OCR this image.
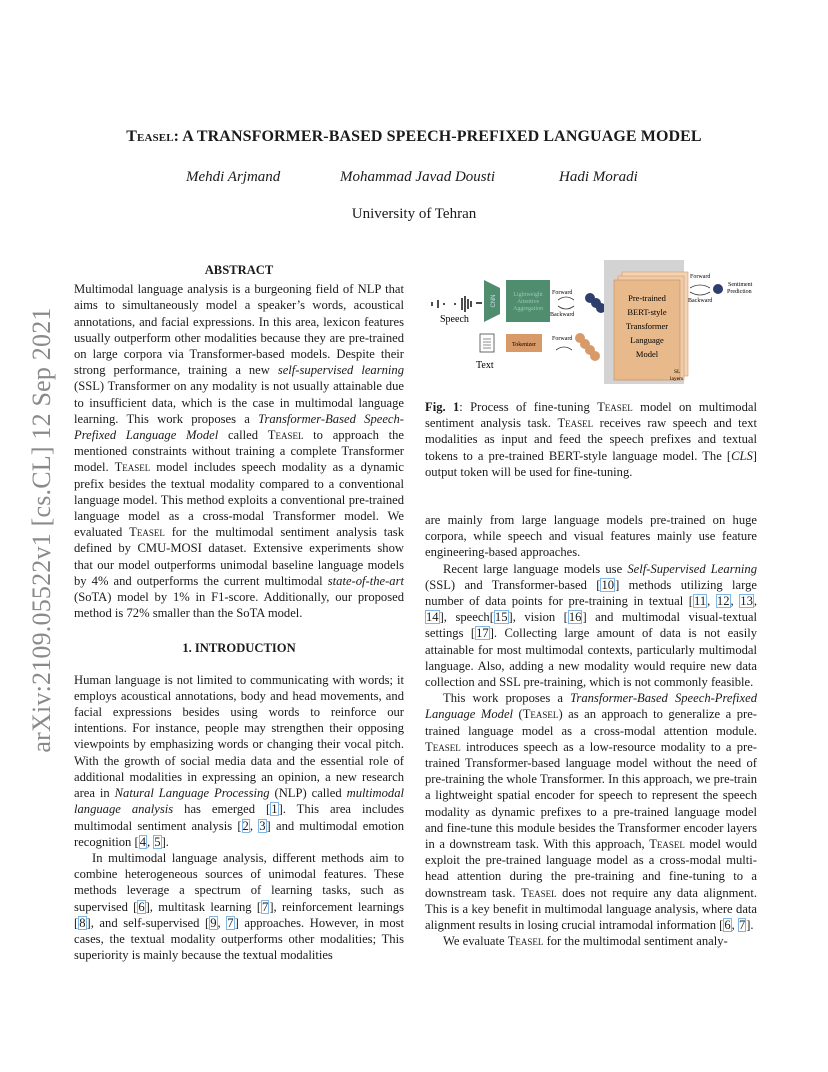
arXiv:2109.05522v1 [cs.CL] 12 Sep 2021
Teasel: A TRANSFORMER-BASED SPEECH-PREFIXED LANGUAGE MODEL
Mehdi Arjmand	Mohammad Javad Dousti	Hadi Moradi
University of Tehran
ABSTRACT

Multimodal language analysis is a burgeoning field of NLP that aims to simultaneously model a speaker’s words, acoustical annotations, and facial expressions. In this area, lexicon features usually outperform other modalities because they are pre-trained on large corpora via Transformer-based models. Despite their strong performance, training a new self-supervised learning (SSL) Transformer on any modality is not usually attainable due to insufficient data, which is the case in multimodal language learning. This work proposes a Transformer-Based Speech-Prefixed Language Model called Teasel to approach the mentioned constraints without training a complete Transformer model. Teasel model includes speech modality as a dynamic prefix besides the textual modality compared to a conventional language model. This method exploits a conventional pre-trained language model as a cross-modal Transformer model. We evaluated Teasel for the multimodal sentiment analysis task defined by CMU-MOSI dataset. Extensive experiments show that our model outperforms unimodal baseline language models by 4% and outperforms the current multimodal state-of-the-art (SoTA) model by 1% in F1-score. Additionally, our proposed method is 72% smaller than the SoTA model.

1. INTRODUCTION

Human language is not limited to communicating with words; it employs acoustical annotations, body and head movements, and facial expressions besides using words to reinforce our intentions. For instance, people may strengthen their opposing viewpoints by emphasizing words or changing their vocal pitch. With the growth of social media data and the essential role of additional modalities in expressing an opinion, a new research area in Natural Language Processing (NLP) called multimodal language analysis has emerged [1]. This area includes multimodal sentiment analysis [2, 3] and multimodal emotion recognition [4, 5].

In multimodal language analysis, different methods aim to combine heterogeneous sources of unimodal features. These methods leverage a spectrum of learning tasks, such as supervised [6], multitask learning [7], reinforcement learnings [8], and self-supervised [9, 7] approaches. However, in most cases, the textual modality outperforms other modalities; This superiority is mainly because the textual modalities

Speech
CNN	Lightweight
Attentive
Aggregation
Forward
Backward
Text
Tokenizer
Forward
Pre-trained
BERT-style
Transformer
Language
Model
SL
layers
Forward
Backward
Sentiment
Prediction
Fig. 1: Process of fine-tuning Teasel model on multimodal sentiment analysis task. Teasel receives raw speech and text modalities as input and feed the speech prefixes and textual tokens to a pre-trained BERT-style language model. The [CLS] output token will be used for fine-tuning.

are mainly from large language models pre-trained on huge corpora, while speech and visual features mainly use feature engineering-based approaches.

Recent large language models use Self-Supervised Learning (SSL) and Transformer-based [10] methods utilizing large number of data points for pre-training in textual [11, 12, 13, 14], speech[15], vision [16] and multimodal visual-textual settings [17]. Collecting large amount of data is not easily attainable for most multimodal contexts, particularly multimodal language. Also, adding a new modality would require new data collection and SSL pre-training, which is not commonly feasible.

This work proposes a Transformer-Based Speech-Prefixed Language Model (Teasel) as an approach to generalize a pre-trained language model as a cross-modal attention module. Teasel introduces speech as a low-resource modality to a pre-trained Transformer-based language model without the need of pre-training the whole Transformer. In this approach, we pre-train a lightweight spatial encoder for speech to represent the speech modality as dynamic prefixes to a pre-trained language model and fine-tune this module besides the Transformer encoder layers in a downstream task. With this approach, Teasel model would exploit the pre-trained language model as a cross-modal multi-head attention during the pre-training and fine-tuning to a downstream task. Teasel does not require any data alignment. This is a key benefit in multimodal language analysis, where data alignment results in losing crucial intramodal information [6, 7].

We evaluate Teasel for the multimodal sentiment analy-
